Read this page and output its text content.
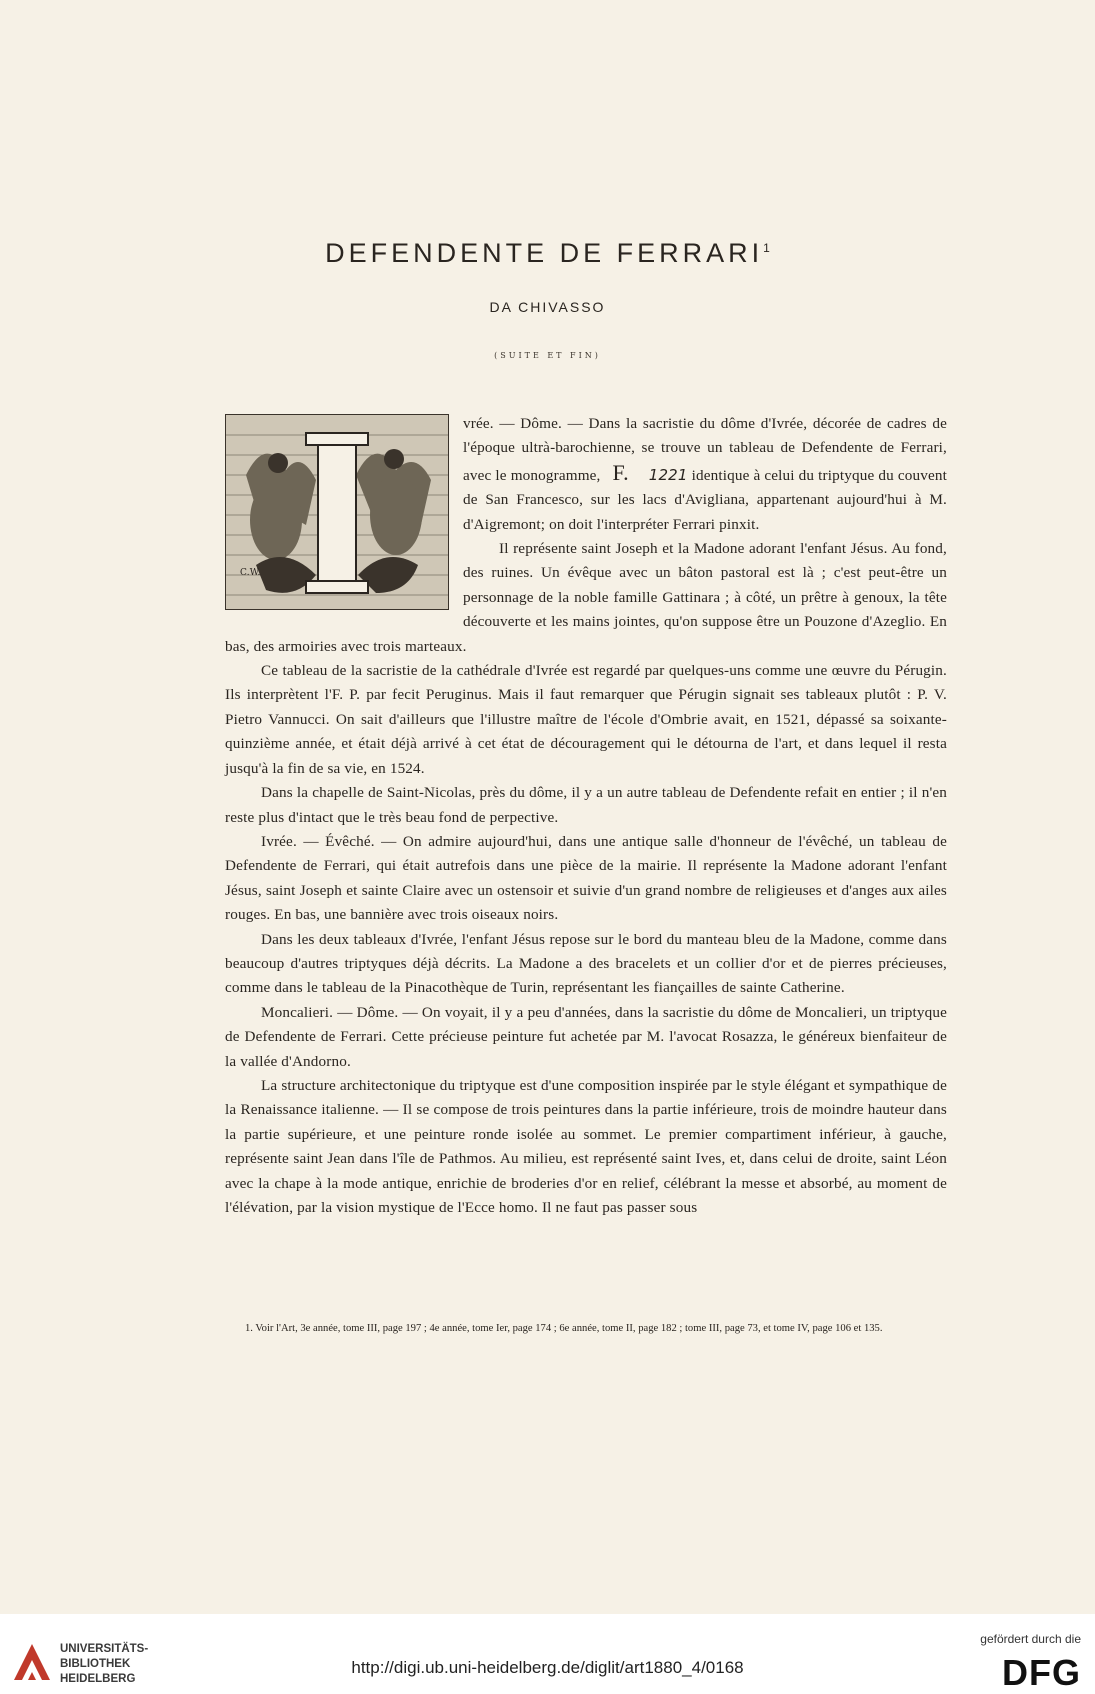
DEFENDENTE DE FERRARI$^1$
DA CHIVASSO
(SUITE ET FIN)
C.W.

vrée. — Dôme. — Dans la sacristie du dôme d'Ivrée, décorée de cadres de l'époque ultrà-barochienne, se trouve un tableau de Defendente de Ferrari, avec le monogramme, F. 1221 identique à celui du triptyque du couvent de San Francesco, sur les lacs d'Avigliana, appartenant aujourd'hui à M. d'Aigremont; on doit l'interpréter Ferrari pinxit.

Il représente saint Joseph et la Madone adorant l'enfant Jésus. Au fond, des ruines. Un évêque avec un bâton pastoral est là ; c'est peut-être un personnage de la noble famille Gattinara ; à côté, un prêtre à genoux, la tête découverte et les mains jointes, qu'on suppose être un Pouzone d'Azeglio. En bas, des armoiries avec trois marteaux.

Ce tableau de la sacristie de la cathédrale d'Ivrée est regardé par quelques-uns comme une œuvre du Pérugin. Ils interprètent l'F. P. par fecit Peruginus. Mais il faut remarquer que Pérugin signait ses tableaux plutôt : P. V. Pietro Vannucci. On sait d'ailleurs que l'illustre maître de l'école d'Ombrie avait, en 1521, dépassé sa soixante-quinzième année, et était déjà arrivé à cet état de découragement qui le détourna de l'art, et dans lequel il resta jusqu'à la fin de sa vie, en 1524.

Dans la chapelle de Saint-Nicolas, près du dôme, il y a un autre tableau de Defendente refait en entier ; il n'en reste plus d'intact que le très beau fond de perpective.

Ivrée. — Évêché. — On admire aujourd'hui, dans une antique salle d'honneur de l'évêché, un tableau de Defendente de Ferrari, qui était autrefois dans une pièce de la mairie. Il représente la Madone adorant l'enfant Jésus, saint Joseph et sainte Claire avec un ostensoir et suivie d'un grand nombre de religieuses et d'anges aux ailes rouges. En bas, une bannière avec trois oiseaux noirs.

Dans les deux tableaux d'Ivrée, l'enfant Jésus repose sur le bord du manteau bleu de la Madone, comme dans beaucoup d'autres triptyques déjà décrits. La Madone a des bracelets et un collier d'or et de pierres précieuses, comme dans le tableau de la Pinacothèque de Turin, représentant les fiançailles de sainte Catherine.

Moncalieri. — Dôme. — On voyait, il y a peu d'années, dans la sacristie du dôme de Moncalieri, un triptyque de Defendente de Ferrari. Cette précieuse peinture fut achetée par M. l'avocat Rosazza, le généreux bienfaiteur de la vallée d'Andorno.

La structure architectonique du triptyque est d'une composition inspirée par le style élégant et sympathique de la Renaissance italienne. — Il se compose de trois peintures dans la partie inférieure, trois de moindre hauteur dans la partie supérieure, et une peinture ronde isolée au sommet. Le premier compartiment inférieur, à gauche, représente saint Jean dans l'île de Pathmos. Au milieu, est représenté saint Ives, et, dans celui de droite, saint Léon avec la chape à la mode antique, enrichie de broderies d'or en relief, célébrant la messe et absorbé, au moment de l'élévation, par la vision mystique de l'Ecce homo. Il ne faut pas passer sous

1. Voir l'Art, 3e année, tome III, page 197 ; 4e année, tome Ier, page 174 ; 6e année, tome II, page 182 ; tome III, page 73, et tome IV, page 106 et 135.
UNIVERSITÄTS-
BIBLIOTHEK
HEIDELBERG
http://digi.ub.uni-heidelberg.de/diglit/art1880_4/0168
gefördert durch die
DFG
